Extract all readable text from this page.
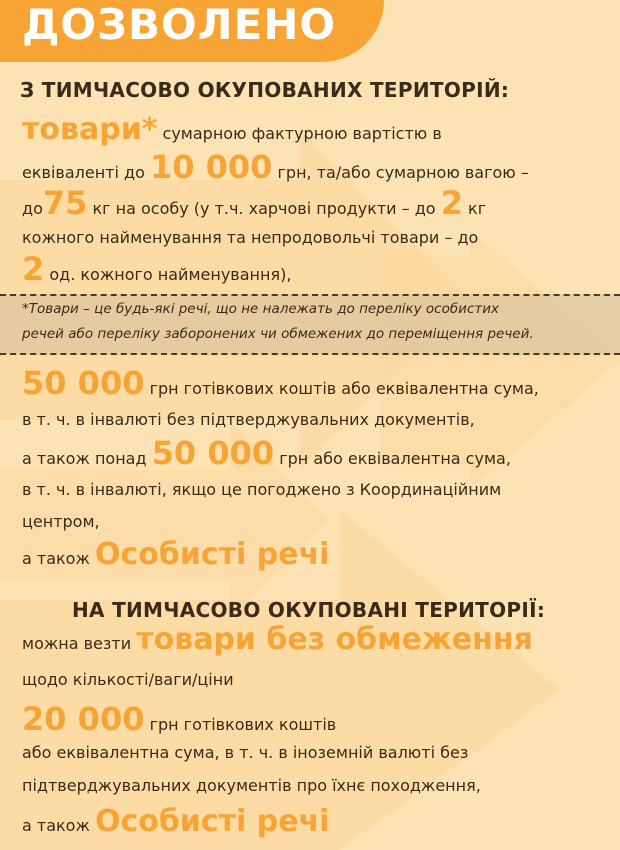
ДОЗВОЛЕНО
З ТИМЧАСОВО ОКУПОВАНИХ ТЕРИТОРІЙ:
товари* сумарною фактурною вартістю в
еквіваленті до 10 000 грн, та/або сумарною вагою –
до75 кг на особу (у т.ч. харчові продукти – до 2 кг
кожного найменування та непродовольчі товари – до
2 од. кожного найменування),
*Товари – це будь-які речі, що не належать до переліку особистих
речей або переліку заборонених чи обмежених до переміщення речей.
50 000 грн готівкових коштів або еквівалентна сума,
в т. ч. в інвалюті без підтверджувальних документів,
а також понад 50 000 грн або еквівалентна сума,
в т. ч. в інвалюті, якщо це погоджено з Координаційним
центром,
а також Особисті речі
НА ТИМЧАСОВО ОКУПОВАНІ ТЕРИТОРІЇ:
можна везти товари без обмеження
щодо кількості/ваги/ціни
20 000 грн готівкових коштів
або еквівалентна сума, в т. ч. в іноземній валюті без
підтверджувальних документів про їхнє походження,
а також Особисті речі
